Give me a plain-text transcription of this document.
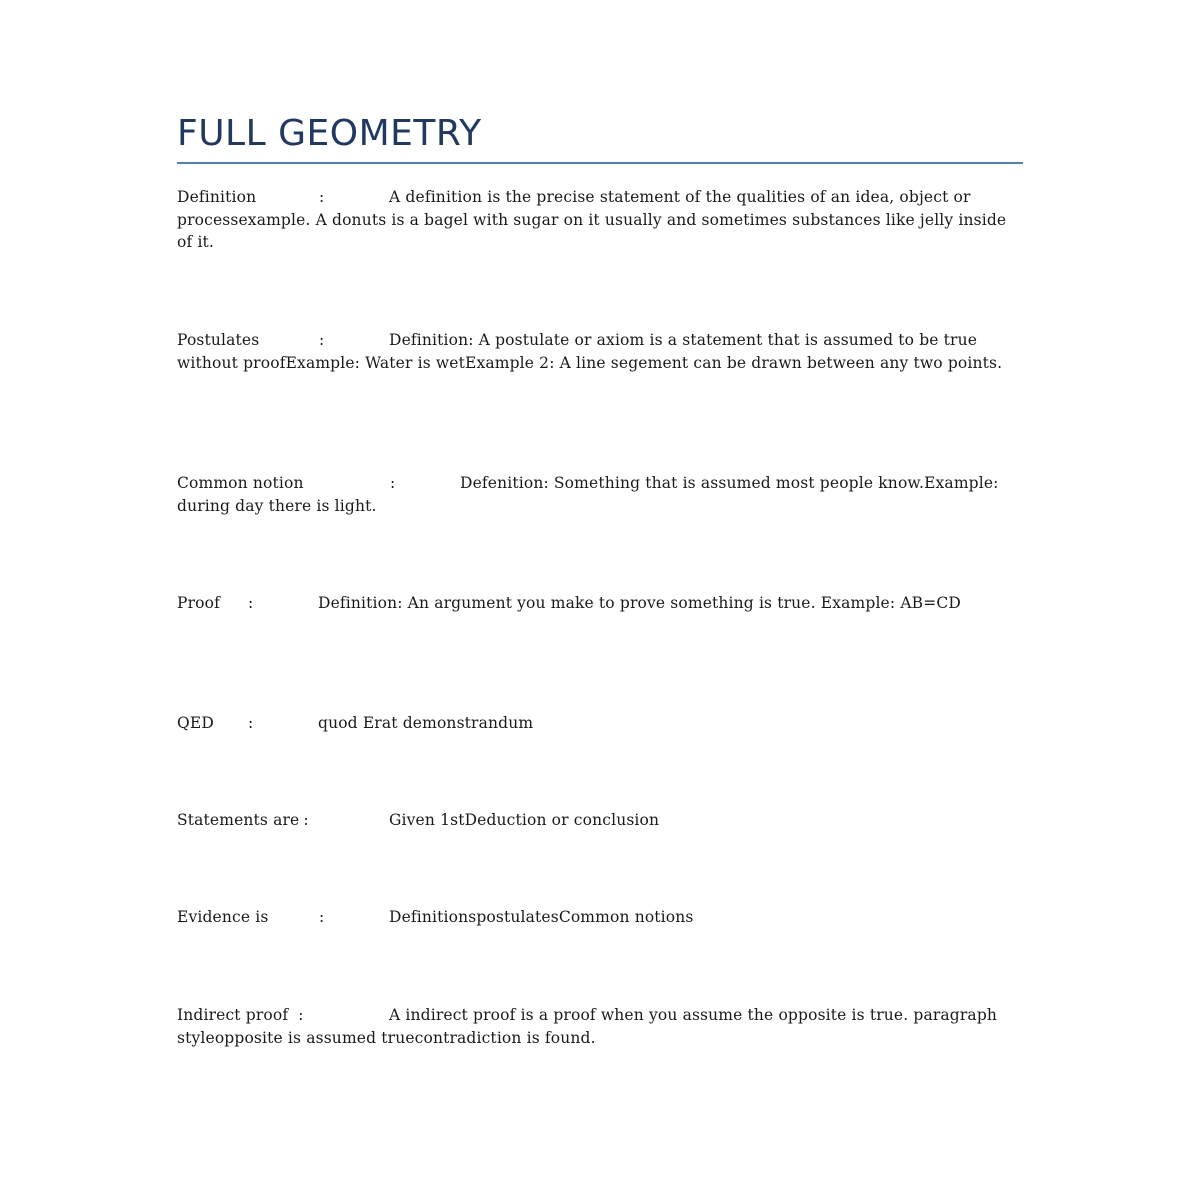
FULL GEOMETRY
Definition	:	A definition is the precise statement of the qualities of an idea, object or processexample. A donuts is a bagel with sugar on it usually and sometimes substances like jelly inside of it.
Postulates	:	Definition: A postulate or axiom is a statement that is assumed to be true without proofExample: Water is wetExample 2: A line segement can be drawn between any two points.
Common notion	:	Defenition: Something that is assumed most people know.Example: during day there is light.
Proof :	Definition: An argument you make to prove something is true. Example: AB=CD
QED :	quod Erat demonstrandum
Statements are :	Given 1stDeduction or conclusion
Evidence is	:	DefinitionspostulatesCommon notions
Indirect proof :	A indirect proof is a proof when you assume the opposite is true. paragraph styleopposite is assumed truecontradiction is found.
